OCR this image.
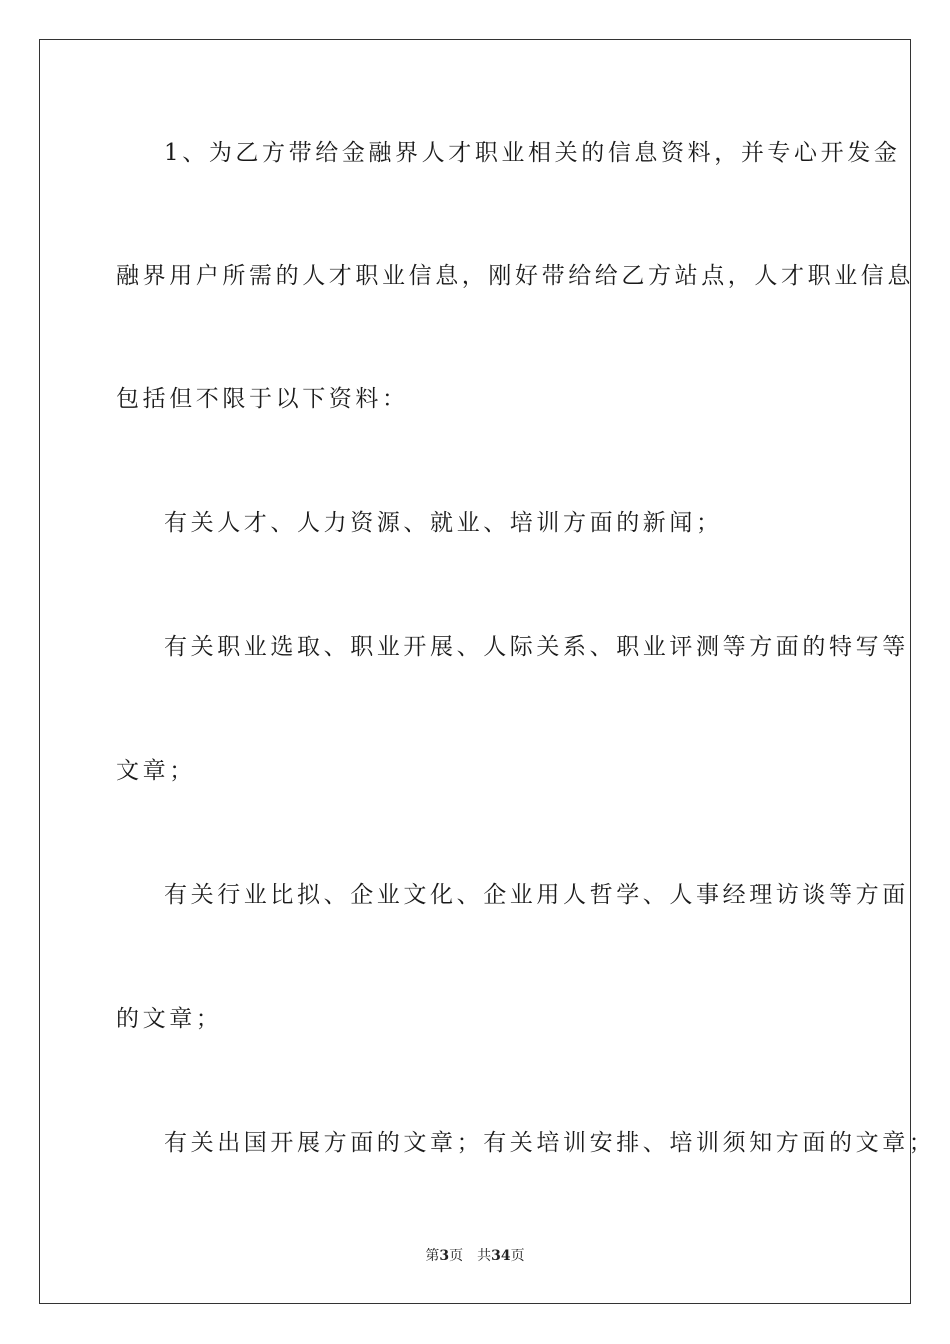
1、为乙方带给金融界人才职业相关的信息资料，并专心开发金
融界用户所需的人才职业信息，刚好带给给乙方站点，人才职业信息
包括但不限于以下资料：
有关人才、人力资源、就业、培训方面的新闻；
有关职业选取、职业开展、人际关系、职业评测等方面的特写等
文章；
有关行业比拟、企业文化、企业用人哲学、人事经理访谈等方面
的文章；
有关出国开展方面的文章；有关培训安排、培训须知方面的文章；
第3页 共34页
